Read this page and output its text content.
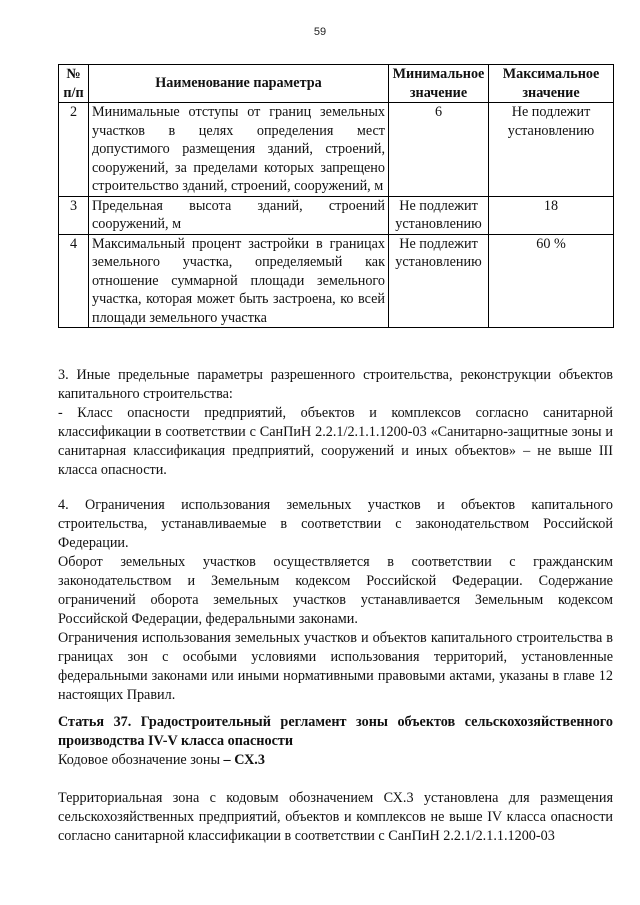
59
№ п/п	Наименование параметра	Минимальное значение	Максимальное значение
2	Минимальные отступы от границ земельных участков в целях определения мест допустимого размещения зданий, строений, сооружений, за пределами которых запрещено строительство зданий, строений, сооружений, м	6	Не подлежит установлению
3	Предельная высота зданий, строений сооружений, м	Не подлежит установлению	18
4	Максимальный процент застройки в границах земельного участка, определяемый как отношение суммарной площади земельного участка, которая может быть застроена, ко всей площади земельного участка	Не подлежит установлению	60 %

3. Иные предельные параметры разрешенного строительства, реконструкции объектов капитального строительства:

- Класс опасности предприятий, объектов и комплексов согласно санитарной классификации в соответствии с СанПиН 2.2.1/2.1.1.1200-03 «Санитарно-защитные зоны и санитарная классификация предприятий, сооружений и иных объектов» – не выше III класса опасности.

4. Ограничения использования земельных участков и объектов капитального строительства, устанавливаемые в соответствии с законодательством Российской Федерации.

Оборот земельных участков осуществляется в соответствии с гражданским законодательством и Земельным кодексом Российской Федерации. Содержание ограничений оборота земельных участков устанавливается Земельным кодексом Российской Федерации, федеральными законами.

Ограничения использования земельных участков и объектов капитального строительства в границах зон с особыми условиями использования территорий, установленные федеральными законами или иными нормативными правовыми актами, указаны в главе 12 настоящих Правил.

Статья 37. Градостроительный регламент зоны объектов сельскохозяйственного производства IV-V класса опасности

Кодовое обозначение зоны – СХ.3

Территориальная зона с кодовым обозначением СХ.3 установлена для размещения сельскохозяйственных предприятий, объектов и комплексов не выше IV класса опасности согласно санитарной классификации в соответствии с СанПиН 2.2.1/2.1.1.1200-03
